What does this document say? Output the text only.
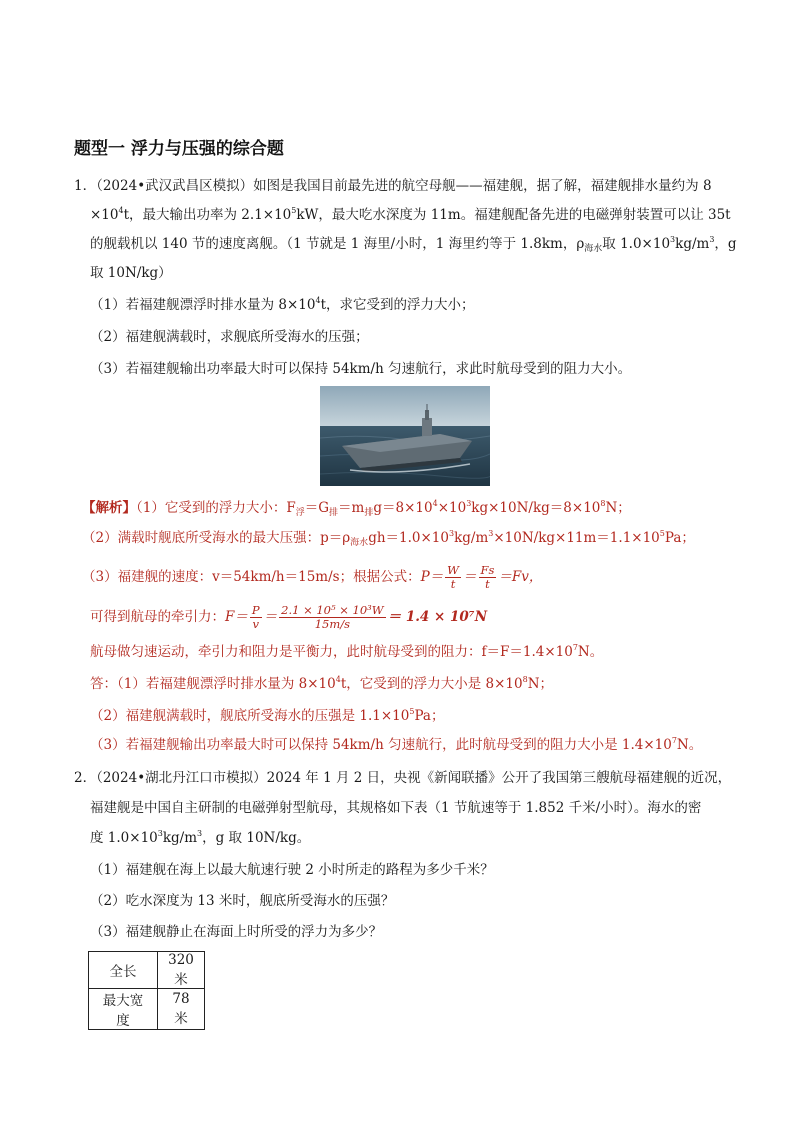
题型一 浮力与压强的综合题
1．（2024•武汉武昌区模拟）如图是我国目前最先进的航空母舰——福建舰，据了解，福建舰排水量约为 8
$\times 10^4t$，最大输出功率为 $2.1\times 10^5kW$，最大吃水深度为 11m。福建舰配备先进的电磁弹射装置可以让 35t
的舰载机以 140 节的速度离舰。（1 节就是 1 海里/小时，1 海里约等于 1.8km，$\rho_{海水}$取 $1.0\times 10^3kg/m^3$，g
取 10N/kg）
（1）若福建舰漂浮时排水量为 $8\times 10^4t$，求它受到的浮力大小；
（2）福建舰满载时，求舰底所受海水的压强；
（3）若福建舰输出功率最大时可以保持 54km/h 匀速航行，求此时航母受到的阻力大小。
【解析】（1）它受到的浮力大小：$F_浮=G_排=m_排g=8\times 10^4\times 10^3kg\times 10N/kg=8\times 10^8N$；
（2）满载时舰底所受海水的最大压强：$p=\rho_{海水}gh=1.0\times 10^3kg/m^3\times 10N/kg\times 11m=1.1\times 10^5Pa$；
（3）福建舰的速度：v＝54km/h＝15m/s；根据公式：$P= \frac{W}{t} = \frac{Fs}{t} =Fv$，
可得到航母的牵引力：$F= \frac{P}{v} = \frac{\text{2.1 × 10⁵ × 10³W}}{15m/s} = 1.4 \times 10^7N$
航母做匀速运动，牵引力和阻力是平衡力，此时航母受到的阻力：$f=F=1.4\times 10^7N$。
答：（1）若福建舰漂浮时排水量为 $8\times 10^4t$，它受到的浮力大小是 $8\times 10^8N$；
（2）福建舰满载时，舰底所受海水的压强是 $1.1\times 10^5Pa$；
（3）若福建舰输出功率最大时可以保持 54km/h 匀速航行，此时航母受到的阻力大小是 $1.4\times 10^7N$。
2．（2024•湖北丹江口市模拟）2024 年 1 月 2 日，央视《新闻联播》公开了我国第三艘航母福建舰的近况，
福建舰是中国自主研制的电磁弹射型航母，其规格如下表（1 节航速等于 1.852 千米/小时）。海水的密
度 $1.0\times 10^3kg/m^3$，g 取 10N/kg。
（1）福建舰在海上以最大航速行驶 2 小时所走的路程为多少千米？
（2）吃水深度为 13 米时，舰底所受海水的压强？
（3）福建舰静止在海面上时所受的浮力为多少？
全长	320 米
最大宽度	78 米
